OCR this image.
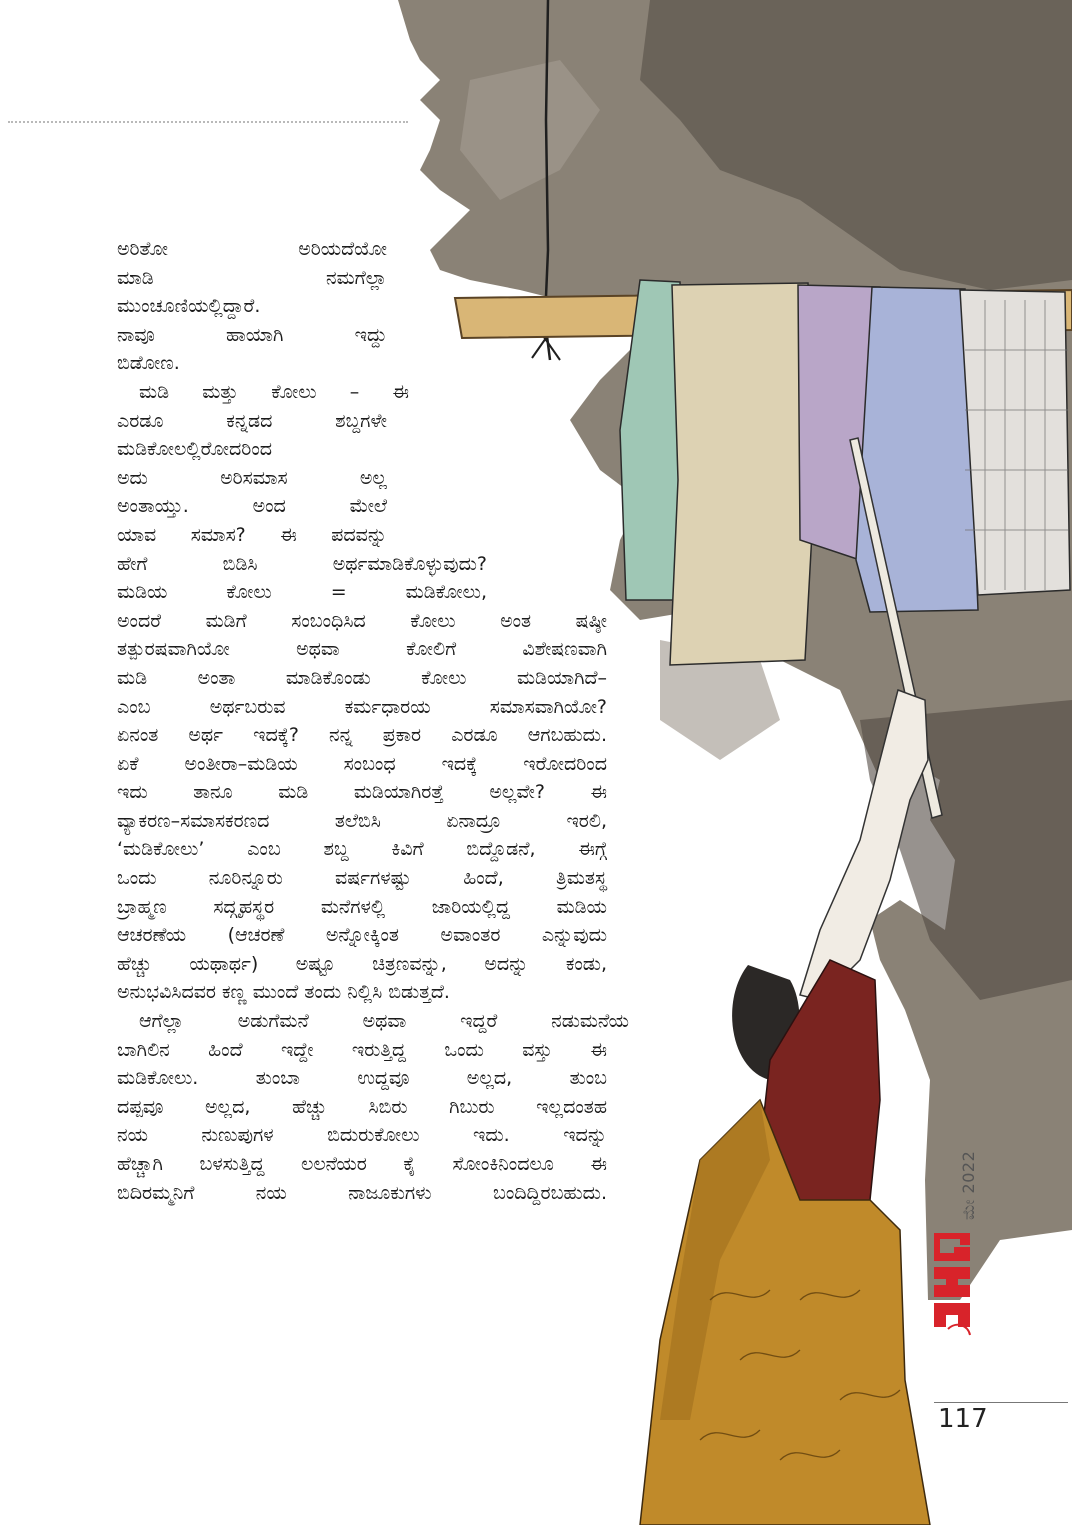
ಅರಿತೋ ಅರಿಯದೆಯೋ
ಮಾಡಿ ನಮಗೆಲ್ಲಾ
ಮುಂಚೂಣಿಯಲ್ಲಿದ್ದಾರೆ.
ನಾವೂ ಹಾಯಾಗಿ ಇದ್ದು
ಬಿಡೋಣ.
ಮಡಿ ಮತ್ತು ಕೋಲು – ಈ
ಎರಡೂ ಕನ್ನಡದ ಶಬ್ದಗಳೇ
ಮಡಿಕೋಲಲ್ಲಿರೋದರಿಂದ
ಅದು ಅರಿಸಮಾಸ ಅಲ್ಲ
ಅಂತಾಯ್ತು. ಅಂದ ಮೇಲೆ
ಯಾವ ಸಮಾಸ? ಈ ಪದವನ್ನು
ಹೇಗೆ ಬಿಡಿಸಿ ಅರ್ಥಮಾಡಿಕೊಳ್ಳುವುದು?
ಮಡಿಯ ಕೋಲು = ಮಡಿಕೋಲು,
ಅಂದರೆ ಮಡಿಗೆ ಸಂಬಂಧಿಸಿದ ಕೋಲು ಅಂತ ಷಷ್ಠೀ
ತತ್ಪುರಷವಾಗಿಯೋ ಅಥವಾ ಕೋಲಿಗೆ ವಿಶೇಷಣವಾಗಿ
ಮಡಿ ಅಂತಾ ಮಾಡಿಕೊಂಡು ಕೋಲು ಮಡಿಯಾಗಿದೆ–
ಎಂಬ ಅರ್ಥಬರುವ ಕರ್ಮಧಾರಯ ಸಮಾಸವಾಗಿಯೋ?
ಏನಂತ ಅರ್ಥ ಇದಕ್ಕೆ? ನನ್ನ ಪ್ರಕಾರ ಎರಡೂ ಆಗಬಹುದು.
ಏಕೆ ಅಂತೀರಾ–ಮಡಿಯ ಸಂಬಂಧ ಇದಕ್ಕೆ ಇರೋದರಿಂದ
ಇದು ತಾನೂ ಮಡಿ ಮಡಿಯಾಗಿರತ್ತೆ ಅಲ್ಲವೇ? ಈ
ವ್ಯಾಕರಣ–ಸಮಾಸಕರಣದ ತಲೆಬಿಸಿ ಏನಾದ್ರೂ ಇರಲಿ,
‘ಮಡಿಕೋಲು’ ಎಂಬ ಶಬ್ದ ಕಿವಿಗೆ ಬಿದ್ದೊಡನೆ, ಈಗ್ಗೆ
ಒಂದು ನೂರಿನ್ನೂರು ವರ್ಷಗಳಷ್ಟು ಹಿಂದೆ, ತ್ರಿಮತಸ್ಥ
ಬ್ರಾಹ್ಮಣ ಸದ್ಗೃಹಸ್ಥರ ಮನೆಗಳಲ್ಲಿ ಜಾರಿಯಲ್ಲಿದ್ದ ಮಡಿಯ
ಆಚರಣೆಯ (ಆಚರಣೆ ಅನ್ನೋಕ್ಕಿಂತ ಅವಾಂತರ ಎನ್ನುವುದು
ಹೆಚ್ಚು ಯಥಾರ್ಥ) ಅಷ್ಟೂ ಚಿತ್ರಣವನ್ನು, ಅದನ್ನು ಕಂಡು,
ಅನುಭವಿಸಿದವರ ಕಣ್ಣ ಮುಂದೆ ತಂದು ನಿಲ್ಲಿಸಿ ಬಿಡುತ್ತದೆ.
ಆಗೆಲ್ಲಾ ಅಡುಗೆಮನೆ ಅಥವಾ ಇದ್ದರೆ ನಡುಮನೆಯ
ಬಾಗಿಲಿನ ಹಿಂದೆ ಇದ್ದೇ ಇರುತ್ತಿದ್ದ ಒಂದು ವಸ್ತು ಈ
ಮಡಿಕೋಲು. ತುಂಬಾ ಉದ್ದವೂ ಅಲ್ಲದ, ತುಂಬ
ದಪ್ಪವೂ ಅಲ್ಲದ, ಹೆಚ್ಚು ಸಿಬಿರು ಗಿಬುರು ಇಲ್ಲದಂತಹ
ನಯ ನುಣುಪುಗಳ ಬಿದುರುಕೋಲು ಇದು. ಇದನ್ನು
ಹೆಚ್ಚಾಗಿ ಬಳಸುತ್ತಿದ್ದ ಲಲನೆಯರ ಕೈ ಸೋಂಕಿನಿಂದಲೂ ಈ
ಬಿದಿರಮ್ಮನಿಗೆ ನಯ ನಾಜೂಕುಗಳು ಬಂದಿದ್ದಿರಬಹುದು.	ಮೇ 2022
117
